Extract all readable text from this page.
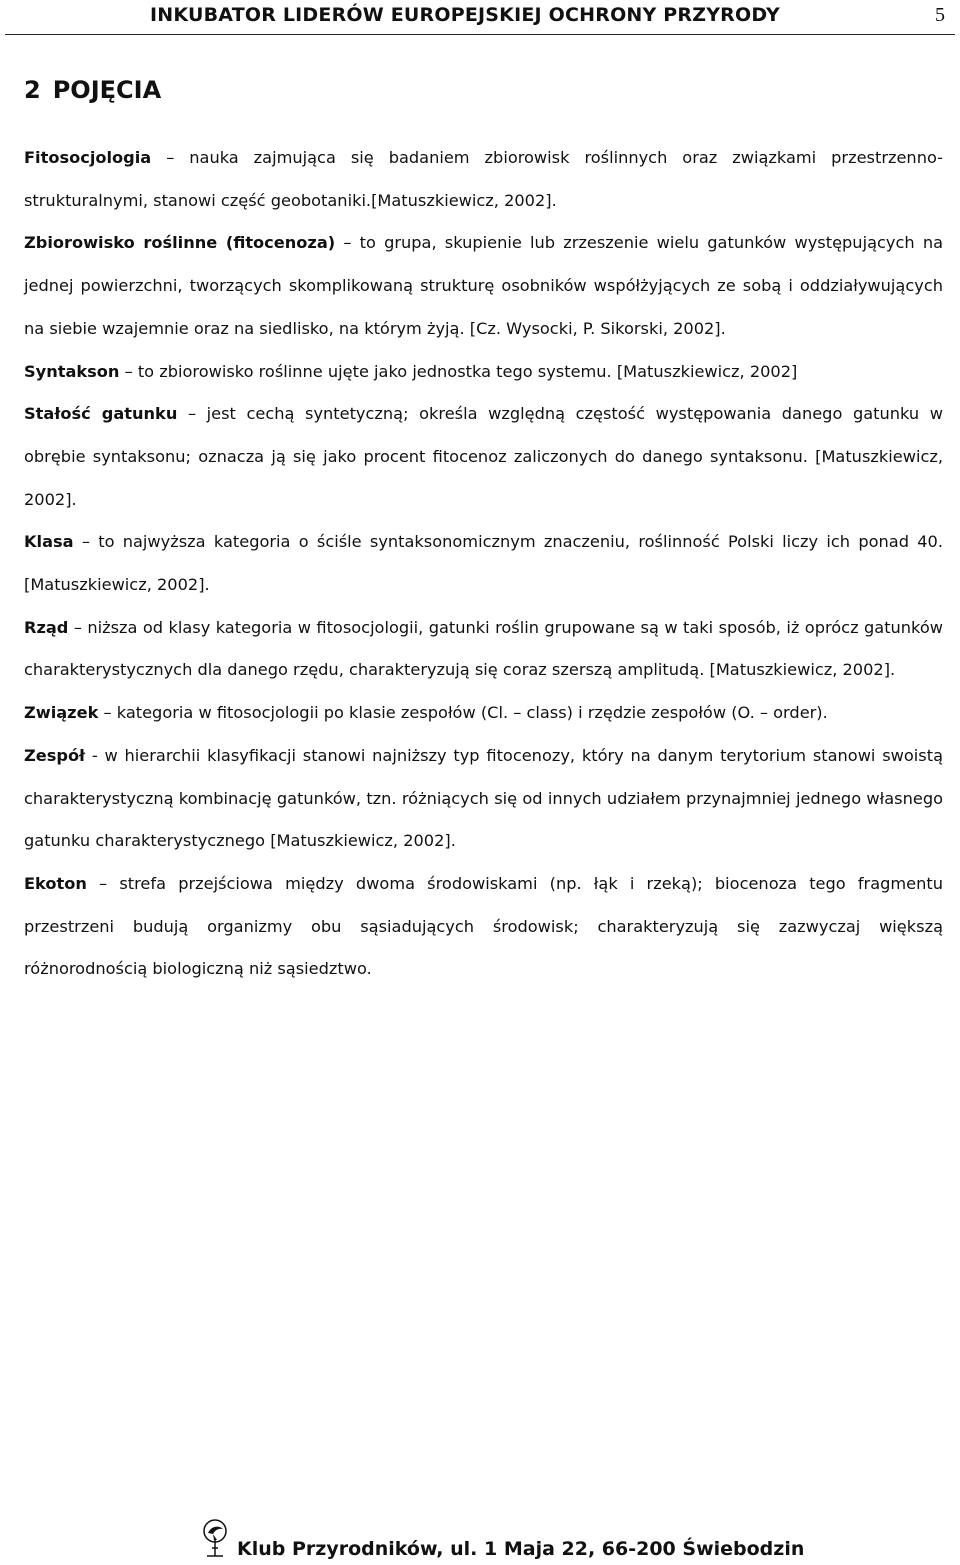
INKUBATOR LIDERÓW EUROPEJSKIEJ OCHRONY PRZYRODY	5
2 POJĘCIA

Fitosocjologia – nauka zajmująca się badaniem zbiorowisk roślinnych oraz związkami przestrzenno-strukturalnymi, stanowi część geobotaniki.[Matuszkiewicz, 2002].

Zbiorowisko roślinne (fitocenoza) – to grupa, skupienie lub zrzeszenie wielu gatunków występujących na jednej powierzchni, tworzących skomplikowaną strukturę osobników współżyjących ze sobą i oddziaływujących na siebie wzajemnie oraz na siedlisko, na którym żyją. [Cz. Wysocki, P. Sikorski, 2002].

Syntakson – to zbiorowisko roślinne ujęte jako jednostka tego systemu. [Matuszkiewicz, 2002]

Stałość gatunku – jest cechą syntetyczną; określa względną częstość występowania danego gatunku w obrębie syntaksonu; oznacza ją się jako procent fitocenoz zaliczonych do danego syntaksonu. [Matuszkiewicz, 2002].

Klasa – to najwyższa kategoria o ściśle syntaksonomicznym znaczeniu, roślinność Polski liczy ich ponad 40. [Matuszkiewicz, 2002].

Rząd – niższa od klasy kategoria w fitosocjologii, gatunki roślin grupowane są w taki sposób, iż oprócz gatunków charakterystycznych dla danego rzędu, charakteryzują się coraz szerszą amplitudą. [Matuszkiewicz, 2002].

Związek – kategoria w fitosocjologii po klasie zespołów (Cl. – class) i rzędzie zespołów (O. – order).

Zespół - w hierarchii klasyfikacji stanowi najniższy typ fitocenozy, który na danym terytorium stanowi swoistą charakterystyczną kombinację gatunków, tzn. różniących się od innych udziałem przynajmniej jednego własnego gatunku charakterystycznego [Matuszkiewicz, 2002].

Ekoton – strefa przejściowa między dwoma środowiskami (np. łąk i rzeką); biocenoza tego fragmentu przestrzeni budują organizmy obu sąsiadujących środowisk; charakteryzują się zazwyczaj większą różnorodnością biologiczną niż sąsiedztwo.

Klub Przyrodników, ul. 1 Maja 22, 66-200 Świebodzin
